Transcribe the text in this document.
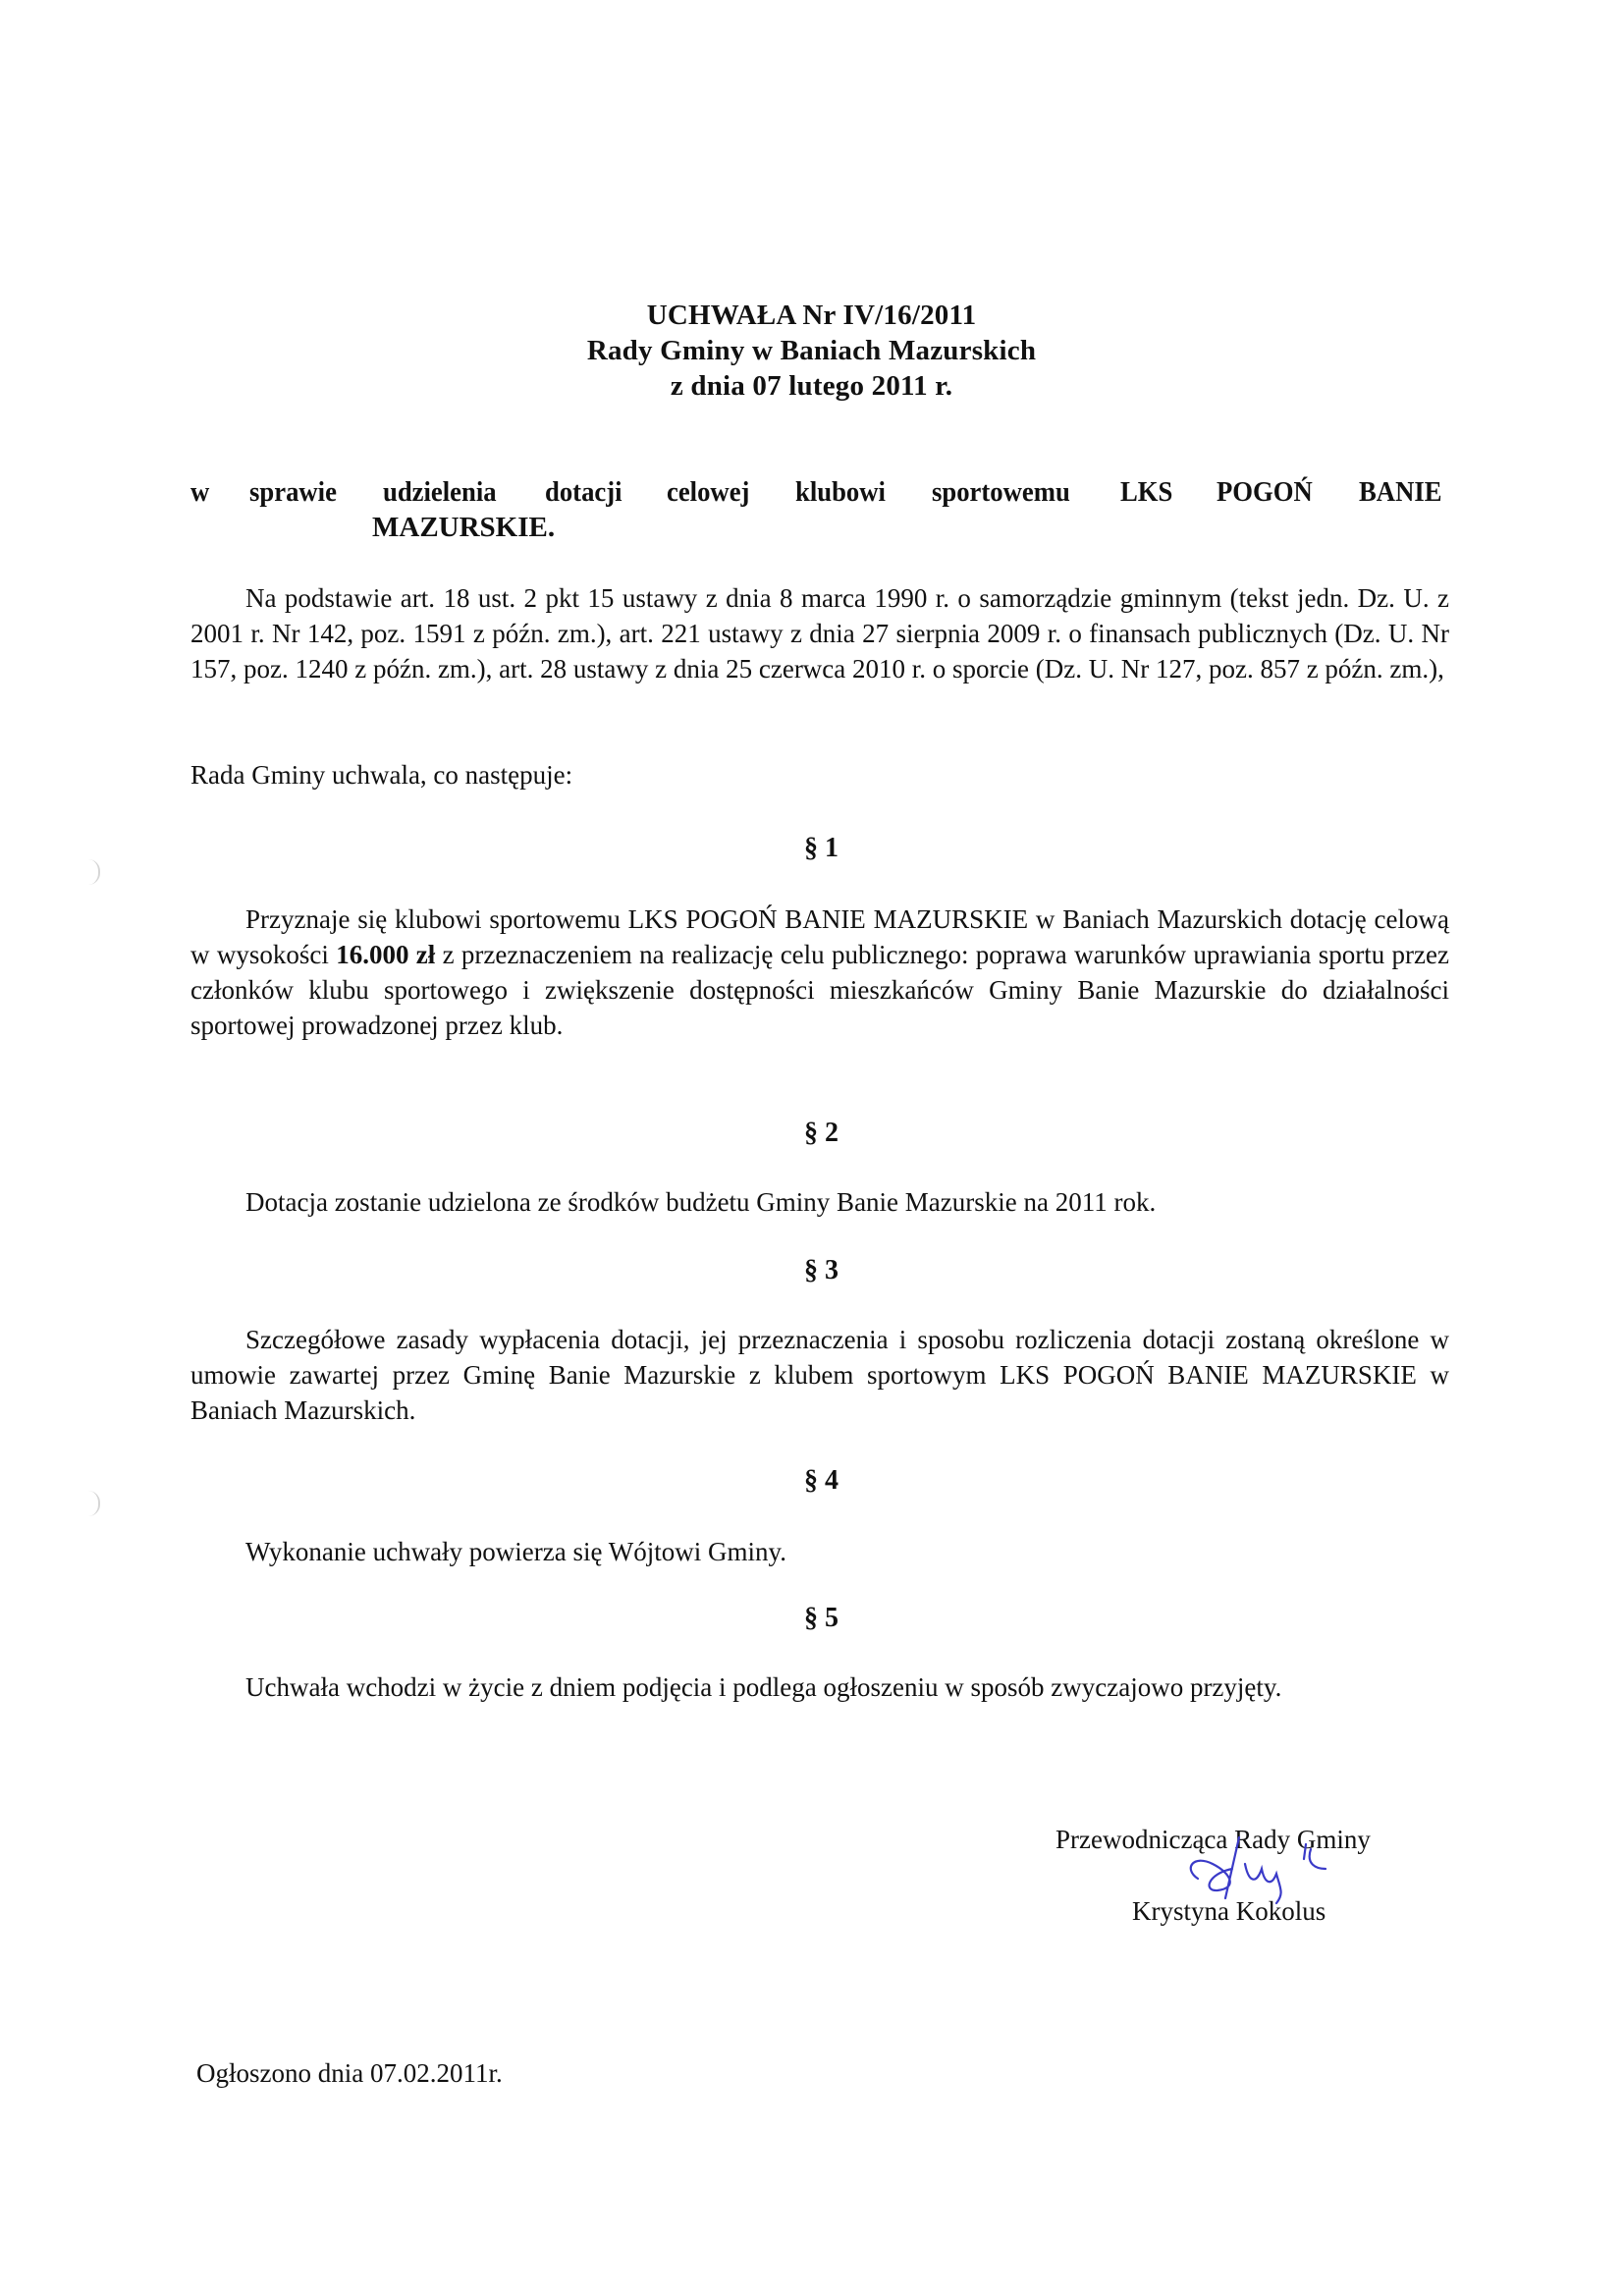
UCHWAŁA Nr IV/16/2011
Rady Gminy w Baniach Mazurskich
z dnia 07 lutego 2011 r.
w sprawie udzielenia dotacji celowej klubowi sportowemu LKS POGOŃ BANIE
MAZURSKIE.
Na podstawie art. 18 ust. 2 pkt 15 ustawy z dnia 8 marca 1990 r. o samorządzie gminnym (tekst jedn. Dz. U. z 2001 r. Nr 142, poz. 1591 z późn. zm.), art. 221 ustawy z dnia 27 sierpnia 2009 r. o finansach publicznych (Dz. U. Nr 157, poz. 1240 z późn. zm.), art. 28 ustawy z dnia 25 czerwca 2010 r. o sporcie (Dz. U. Nr 127, poz. 857 z późn. zm.),
Rada Gminy uchwala, co następuje:
§ 1
Przyznaje się klubowi sportowemu LKS POGOŃ BANIE MAZURSKIE w Baniach Mazurskich dotację celową w wysokości 16.000 zł z przeznaczeniem na realizację celu publicznego: poprawa warunków uprawiania sportu przez członków klubu sportowego i zwiększenie dostępności mieszkańców Gminy Banie Mazurskie do działalności sportowej prowadzonej przez klub.
§ 2
Dotacja zostanie udzielona ze środków budżetu Gminy Banie Mazurskie na 2011 rok.
§ 3
Szczegółowe zasady wypłacenia dotacji, jej przeznaczenia i sposobu rozliczenia dotacji zostaną określone w umowie zawartej przez Gminę Banie Mazurskie z klubem sportowym LKS POGOŃ BANIE MAZURSKIE w Baniach Mazurskich.
§ 4
Wykonanie uchwały powierza się Wójtowi Gminy.
§ 5
Uchwała wchodzi w życie z dniem podjęcia i podlega ogłoszeniu w sposób zwyczajowo przyjęty.
Przewodnicząca Rady Gminy
Krystyna Kokolus
Ogłoszono dnia 07.02.2011r.
